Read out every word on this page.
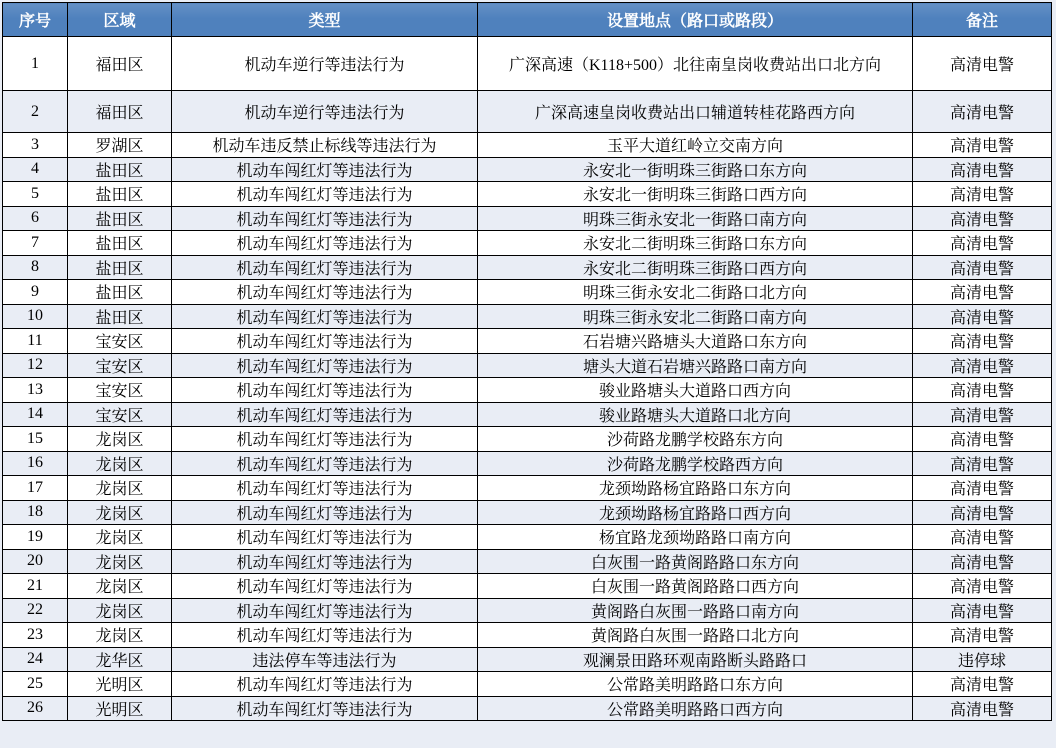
序号	区域	类型	设置地点（路口或路段）	备注
1	福田区	机动车逆行等违法行为	广深高速（K118+500）北往南皇岗收费站出口北方向	高清电警
2	福田区	机动车逆行等违法行为	广深高速皇岗收费站出口辅道转桂花路西方向	高清电警
3	罗湖区	机动车违反禁止标线等违法行为	玉平大道红岭立交南方向	高清电警
4	盐田区	机动车闯红灯等违法行为	永安北一街明珠三街路口东方向	高清电警
5	盐田区	机动车闯红灯等违法行为	永安北一街明珠三街路口西方向	高清电警
6	盐田区	机动车闯红灯等违法行为	明珠三街永安北一街路口南方向	高清电警
7	盐田区	机动车闯红灯等违法行为	永安北二街明珠三街路口东方向	高清电警
8	盐田区	机动车闯红灯等违法行为	永安北二街明珠三街路口西方向	高清电警
9	盐田区	机动车闯红灯等违法行为	明珠三街永安北二街路口北方向	高清电警
10	盐田区	机动车闯红灯等违法行为	明珠三街永安北二街路口南方向	高清电警
11	宝安区	机动车闯红灯等违法行为	石岩塘兴路塘头大道路口东方向	高清电警
12	宝安区	机动车闯红灯等违法行为	塘头大道石岩塘兴路路口南方向	高清电警
13	宝安区	机动车闯红灯等违法行为	骏业路塘头大道路口西方向	高清电警
14	宝安区	机动车闯红灯等违法行为	骏业路塘头大道路口北方向	高清电警
15	龙岗区	机动车闯红灯等违法行为	沙荷路龙鹏学校路东方向	高清电警
16	龙岗区	机动车闯红灯等违法行为	沙荷路龙鹏学校路西方向	高清电警
17	龙岗区	机动车闯红灯等违法行为	龙颈坳路杨宜路路口东方向	高清电警
18	龙岗区	机动车闯红灯等违法行为	龙颈坳路杨宜路路口西方向	高清电警
19	龙岗区	机动车闯红灯等违法行为	杨宜路龙颈坳路路口南方向	高清电警
20	龙岗区	机动车闯红灯等违法行为	白灰围一路黄阁路路口东方向	高清电警
21	龙岗区	机动车闯红灯等违法行为	白灰围一路黄阁路路口西方向	高清电警
22	龙岗区	机动车闯红灯等违法行为	黄阁路白灰围一路路口南方向	高清电警
23	龙岗区	机动车闯红灯等违法行为	黄阁路白灰围一路路口北方向	高清电警
24	龙华区	违法停车等违法行为	观澜景田路环观南路断头路路口	违停球
25	光明区	机动车闯红灯等违法行为	公常路美明路路口东方向	高清电警
26	光明区	机动车闯红灯等违法行为	公常路美明路路口西方向	高清电警
